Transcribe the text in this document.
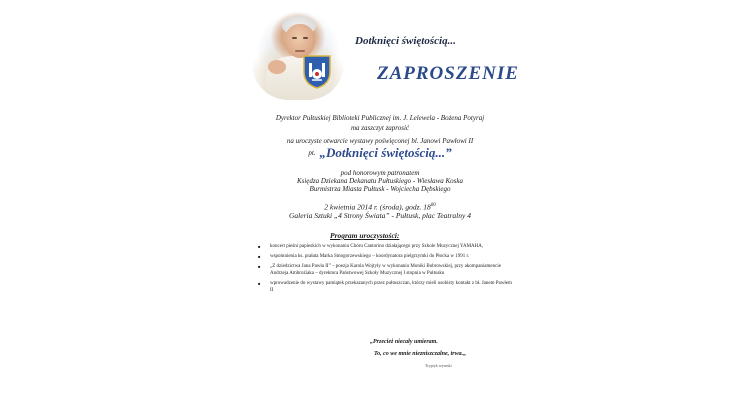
Dotknięci świętością...
ZAPROSZENIE
Dyrektor Pułtuskiej Biblioteki Publicznej im. J. Lelewela - Bożena Potyraj
ma zaszczyt zaprosić
na uroczyste otwarcie wystawy poświęconej bl. Janowi Pawłowi II
pt. „Dotknięci świętością...”
pod honorowym patronatem
Księdza Dziekana Dekanatu Pułtuskiego - Wiesława Koska
Burmistrza Miasta Pułtusk - Wojciecha Dębskiego
2 kwietnia 2014 r. (środa), godz. $18^{00}$
Galeria Sztuki „4 Strony Świata” - Pułtusk, plac Teatralny 4
Program uroczystości:
■ koncert pieśni papieskich w wykonaniu Chóru Cantorino działającego przy Szkole Muzycznej YAMAHA,
■ wspomnienia ks. prałata Marka Smogorzewskiego – koordynatora pielgrzymki do Płocka w 1991 r.
■ „Z dziedzictwa Jana Pawła II” – poezja Karola Wojtyły w wykonaniu Moniki Bobrowskiej, przy akompaniamencie Andrzeja Ambrożiaka – dyrektora Państwowej Szkoły Muzycznej I stopnia w Pułtusku
■ wprowadzenie do wystawy pamiątek przekazanych przez pułtuszczan, którzy mieli osobisty kontakt z bł. Janem Pawłem II
„Przecież niecały umieram.
To, co we mnie niezniszczalne, trwa.„
Tryptyk rzymski
